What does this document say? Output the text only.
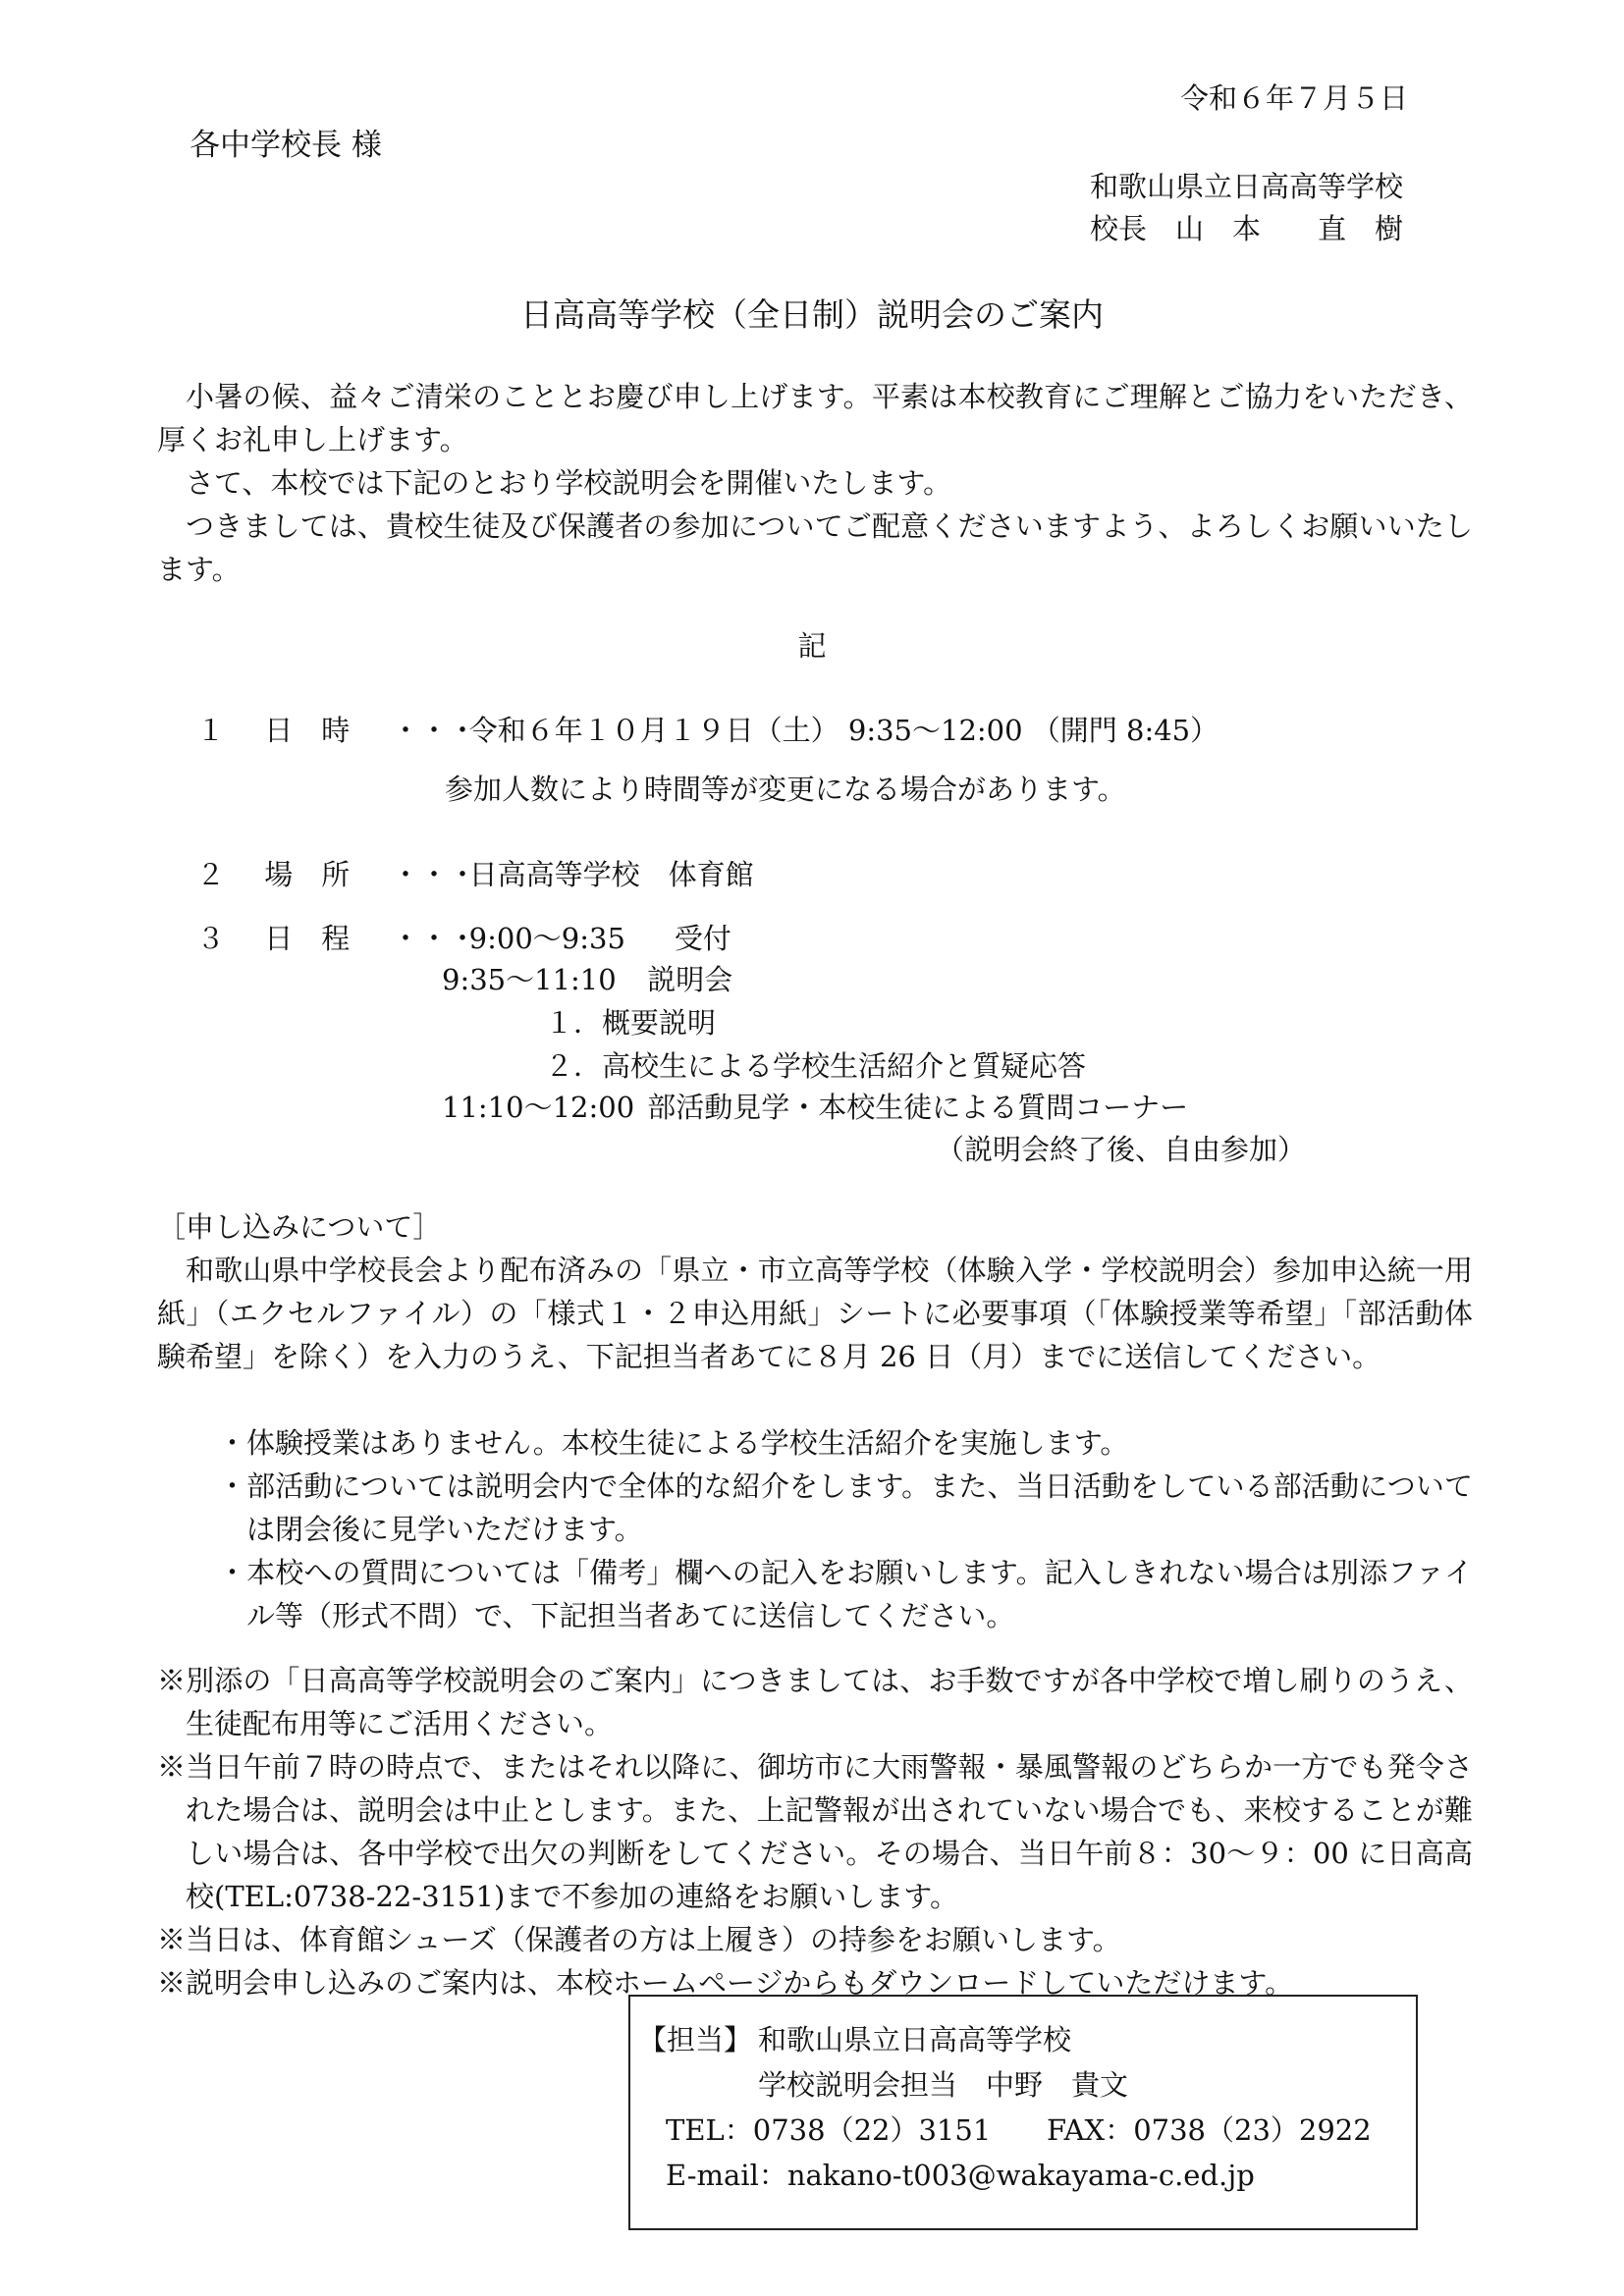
令和６年７月５日
各中学校長 様
和歌山県立日高高等学校
校長　山　本　　直　樹
日高高等学校（全日制）説明会のご案内

小暑の候、益々ご清栄のこととお慶び申し上げます。平素は本校教育にご理解とご協力をいただき、厚くお礼申し上げます。

さて、本校では下記のとおり学校説明会を開催いたします。

つきましては、貴校生徒及び保護者の参加についてご配意くださいますよう、よろしくお願いいたします。

記
１ 日　時 ・・・ 令和６年１０月１９日（土） 9:35〜12:00 （開門 8:45）
参加人数により時間等が変更になる場合があります。
２ 場　所 ・・・ 日高高等学校　体育館
３ 日　程 ・・・ 9:00〜9:35 受付
9:35〜11:10 説明会
１．概要説明
２．高校生による学校生活紹介と質疑応答
11:10〜12:00 部活動見学・本校生徒による質問コーナー
（説明会終了後、自由参加）
［申し込みについて］

和歌山県中学校長会より配布済みの「県立・市立高等学校（体験入学・学校説明会）参加申込統一用紙」（エクセルファイル）の「様式１・２申込用紙」シートに必要事項（「体験授業等希望」「部活動体験希望」を除く）を入力のうえ、下記担当者あてに８月 26 日（月）までに送信してください。

・体験授業はありません。本校生徒による学校生活紹介を実施します。

・部活動については説明会内で全体的な紹介をします。また、当日活動をしている部活動については閉会後に見学いただけます。

・本校への質問については「備考」欄への記入をお願いします。記入しきれない場合は別添ファイル等（形式不問）で、下記担当者あてに送信してください。

※別添の「日高高等学校説明会のご案内」につきましては、お手数ですが各中学校で増し刷りのうえ、生徒配布用等にご活用ください。

※当日午前７時の時点で、またはそれ以降に、御坊市に大雨警報・暴風警報のどちらか一方でも発令された場合は、説明会は中止とします。また、上記警報が出されていない場合でも、来校することが難しい場合は、各中学校で出欠の判断をしてください。その場合、当日午前８：30〜９：00 に日高高校(TEL:0738-22-3151)まで不参加の連絡をお願いします。

※当日は、体育館シューズ（保護者の方は上履き）の持参をお願いします。

※説明会申し込みのご案内は、本校ホームページからもダウンロードしていただけます。

【担当】 和歌山県立日高高等学校
学校説明会担当　中野　貴文
TEL：0738（22）3151 FAX：0738（23）2922
E-mail：nakano-t003@wakayama-c.ed.jp
